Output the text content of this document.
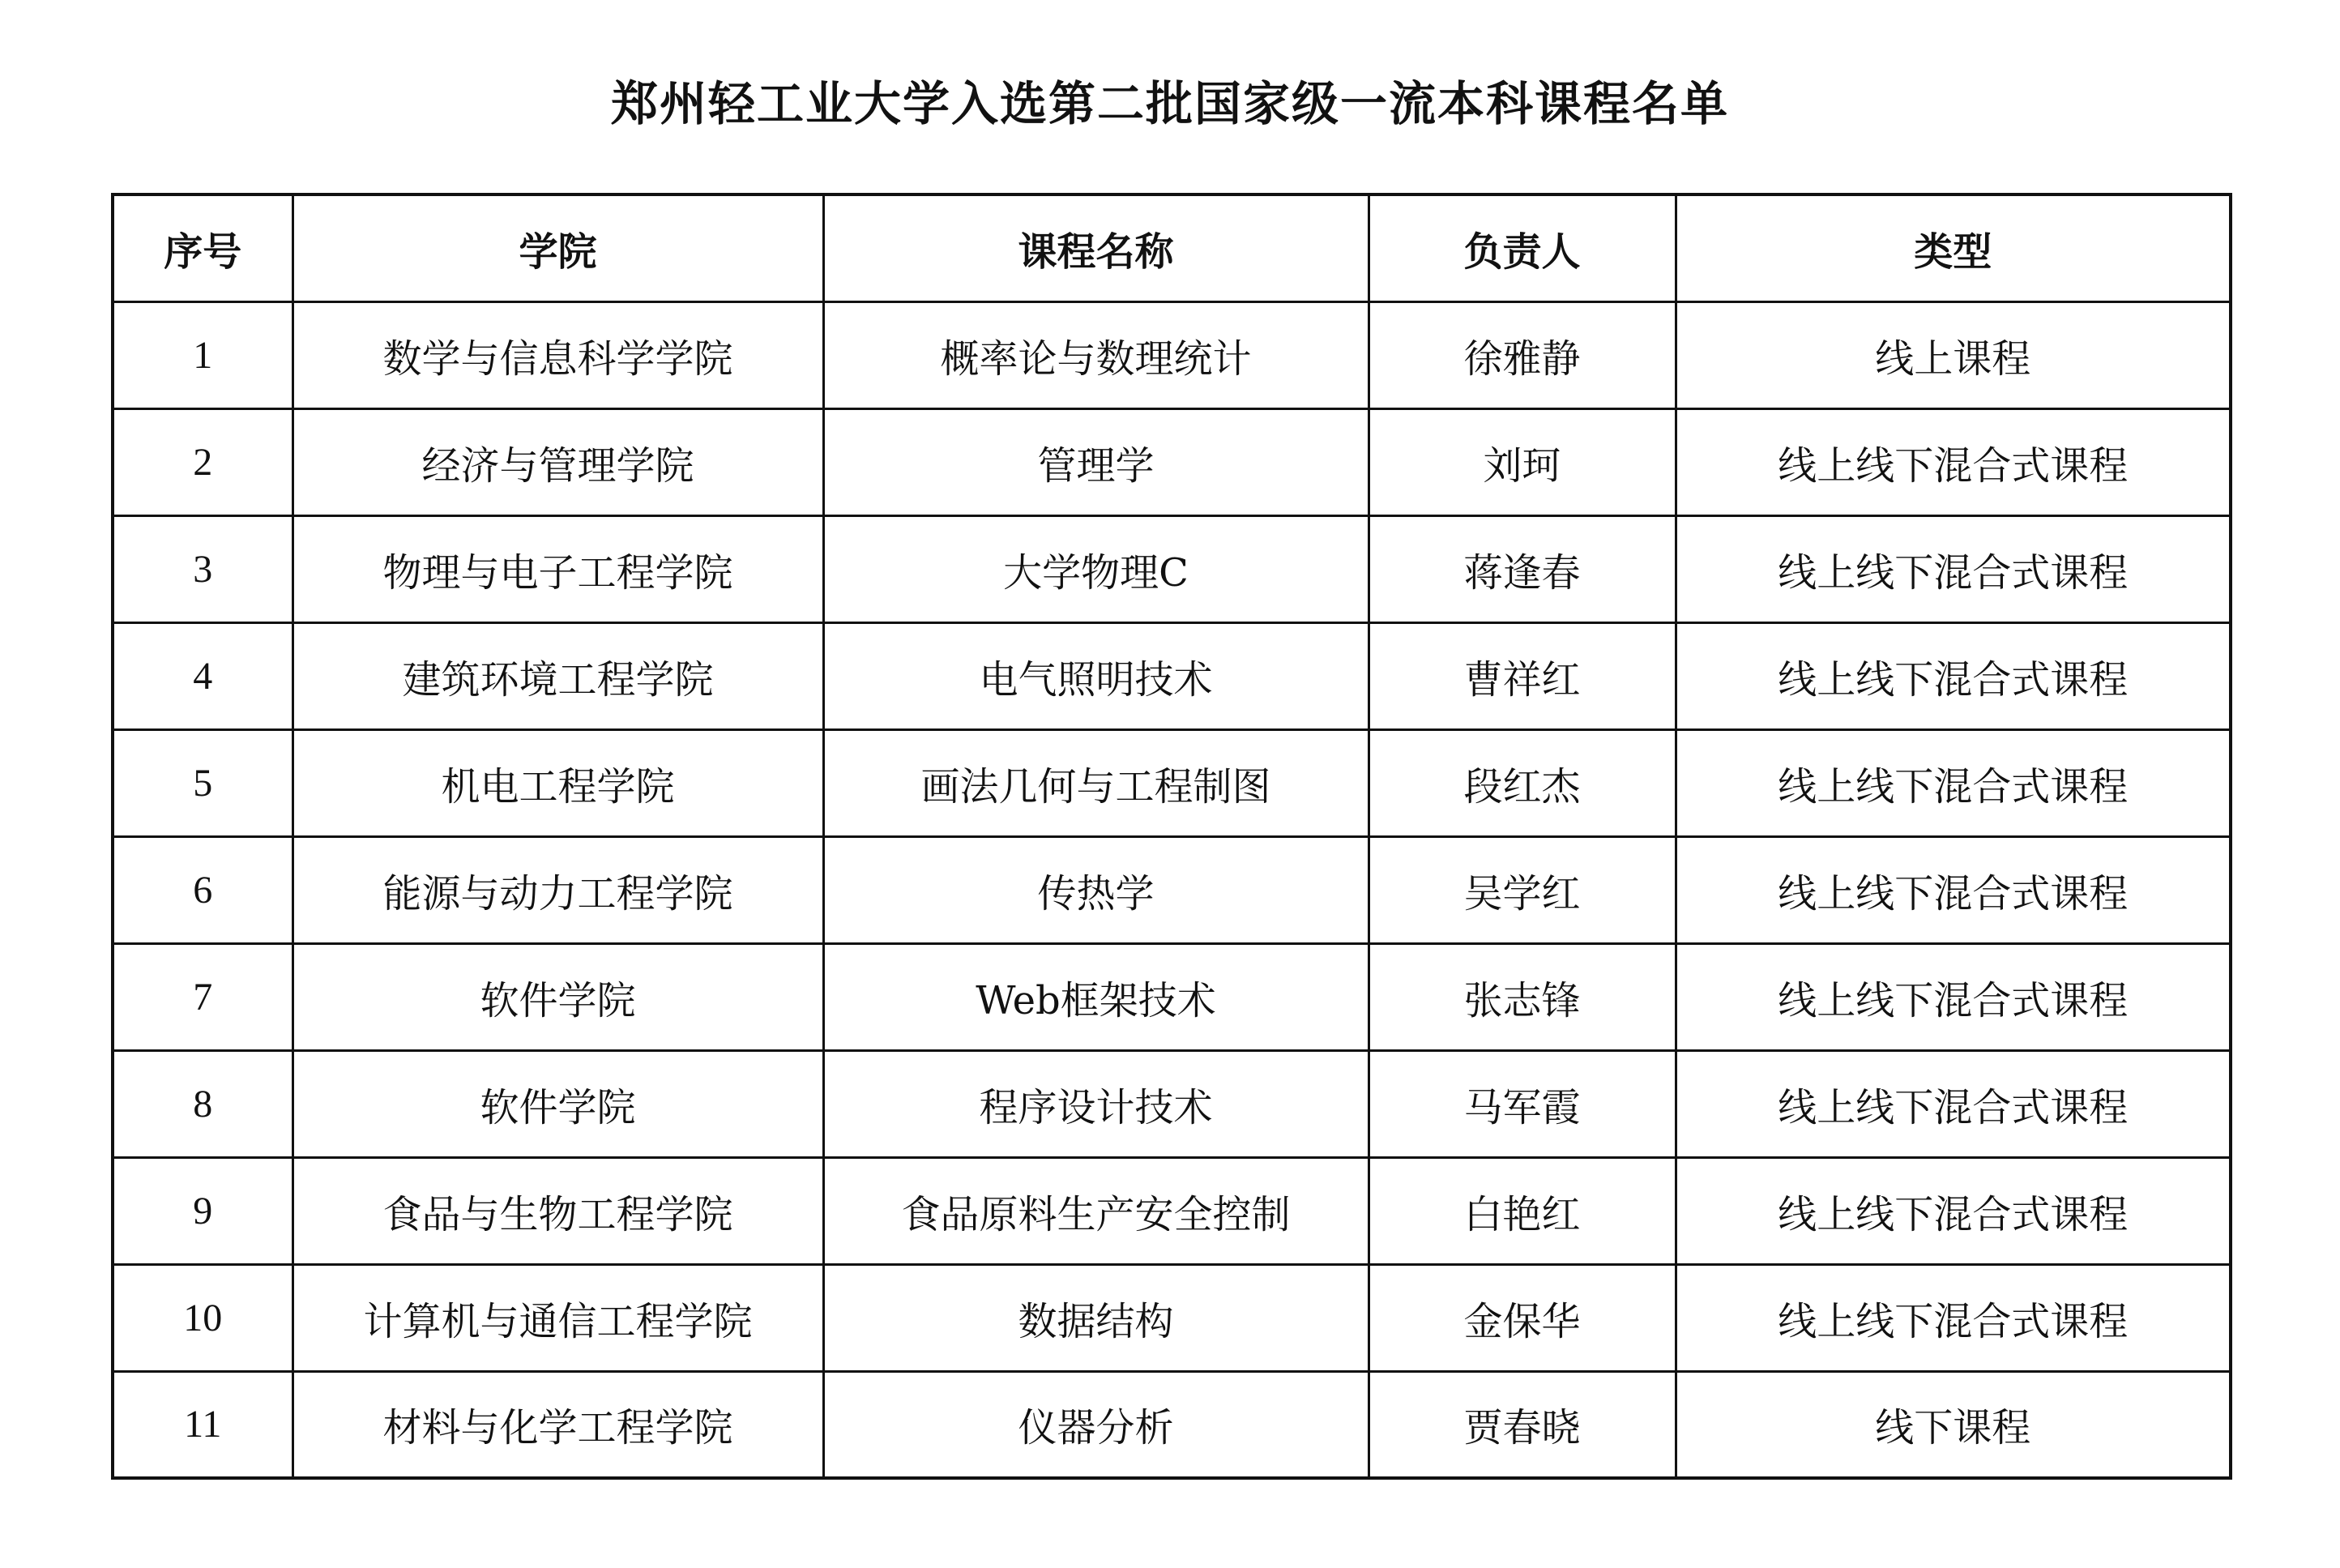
郑州轻工业大学入选第二批国家级一流本科课程名单
序号	学院	课程名称	负责人	类型
1	数学与信息科学学院	概率论与数理统计	徐雅静	线上课程
2	经济与管理学院	管理学	刘珂	线上线下混合式课程
3	物理与电子工程学院	大学物理C	蒋逢春	线上线下混合式课程
4	建筑环境工程学院	电气照明技术	曹祥红	线上线下混合式课程
5	机电工程学院	画法几何与工程制图	段红杰	线上线下混合式课程
6	能源与动力工程学院	传热学	吴学红	线上线下混合式课程
7	软件学院	Web框架技术	张志锋	线上线下混合式课程
8	软件学院	程序设计技术	马军霞	线上线下混合式课程
9	食品与生物工程学院	食品原料生产安全控制	白艳红	线上线下混合式课程
10	计算机与通信工程学院	数据结构	金保华	线上线下混合式课程
11	材料与化学工程学院	仪器分析	贾春晓	线下课程
